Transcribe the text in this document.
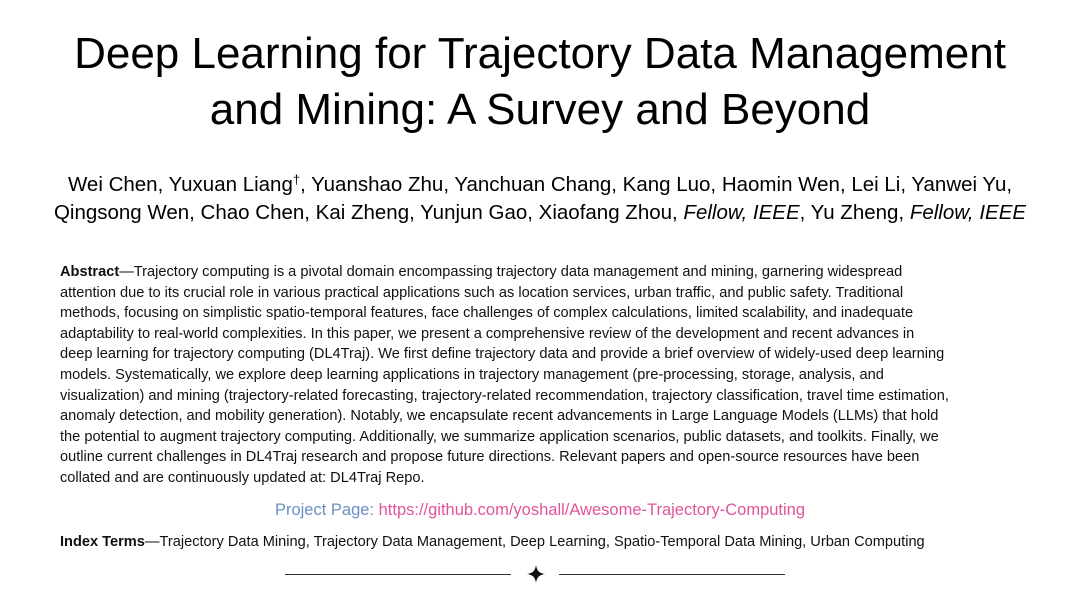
Deep Learning for Trajectory Data Management
and Mining: A Survey and Beyond
Wei Chen, Yuxuan Liang†, Yuanshao Zhu, Yanchuan Chang, Kang Luo, Haomin Wen, Lei Li, Yanwei Yu,
Qingsong Wen, Chao Chen, Kai Zheng, Yunjun Gao, Xiaofang Zhou, Fellow, IEEE, Yu Zheng, Fellow, IEEE
Abstract—Trajectory computing is a pivotal domain encompassing trajectory data management and mining, garnering widespread
attention due to its crucial role in various practical applications such as location services, urban traffic, and public safety. Traditional
methods, focusing on simplistic spatio-temporal features, face challenges of complex calculations, limited scalability, and inadequate
adaptability to real-world complexities. In this paper, we present a comprehensive review of the development and recent advances in
deep learning for trajectory computing (DL4Traj). We first define trajectory data and provide a brief overview of widely-used deep learning
models. Systematically, we explore deep learning applications in trajectory management (pre-processing, storage, analysis, and
visualization) and mining (trajectory-related forecasting, trajectory-related recommendation, trajectory classification, travel time estimation,
anomaly detection, and mobility generation). Notably, we encapsulate recent advancements in Large Language Models (LLMs) that hold
the potential to augment trajectory computing. Additionally, we summarize application scenarios, public datasets, and toolkits. Finally, we
outline current challenges in DL4Traj research and propose future directions. Relevant papers and open-source resources have been
collated and are continuously updated at: DL4Traj Repo.
Project Page: https://github.com/yoshall/Awesome-Trajectory-Computing
Index Terms—Trajectory Data Mining, Trajectory Data Management, Deep Learning, Spatio-Temporal Data Mining, Urban Computing
